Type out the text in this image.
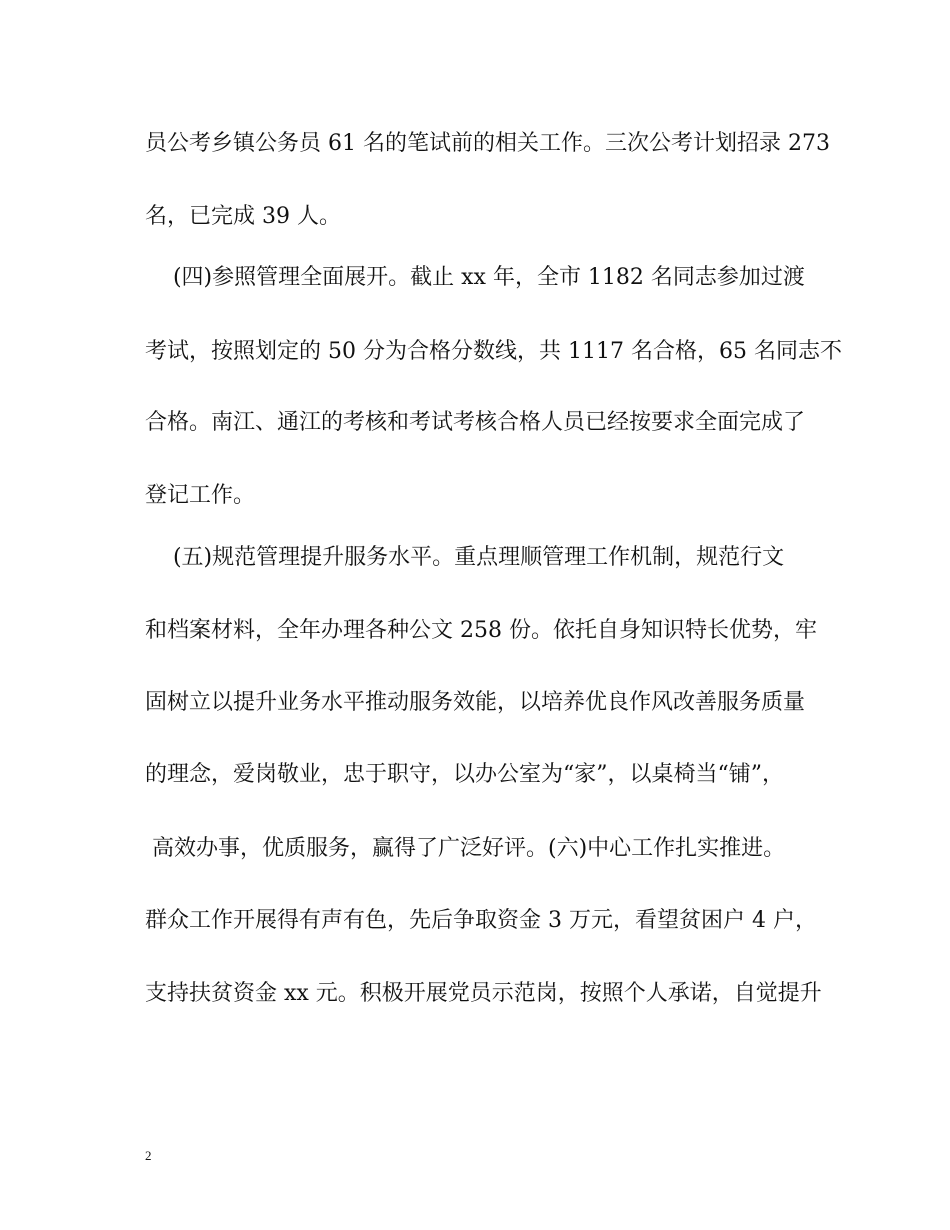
员公考乡镇公务员 61 名的笔试前的相关工作。三次公考计划招录 273
名，已完成 39 人。
(四)参照管理全面展开。截止 xx 年，全市 1182 名同志参加过渡
考试，按照划定的 50 分为合格分数线，共 1117 名合格，65 名同志不
合格。南江、通江的考核和考试考核合格人员已经按要求全面完成了
登记工作。
(五)规范管理提升服务水平。重点理顺管理工作机制，规范行文
和档案材料，全年办理各种公文 258 份。依托自身知识特长优势，牢
固树立以提升业务水平推动服务效能，以培养优良作风改善服务质量
的理念，爱岗敬业，忠于职守，以办公室为“家”，以桌椅当“铺”，
高效办事，优质服务，赢得了广泛好评。(六)中心工作扎实推进。
群众工作开展得有声有色，先后争取资金 3 万元，看望贫困户 4 户，
支持扶贫资金 xx 元。积极开展党员示范岗，按照个人承诺，自觉提升
2
